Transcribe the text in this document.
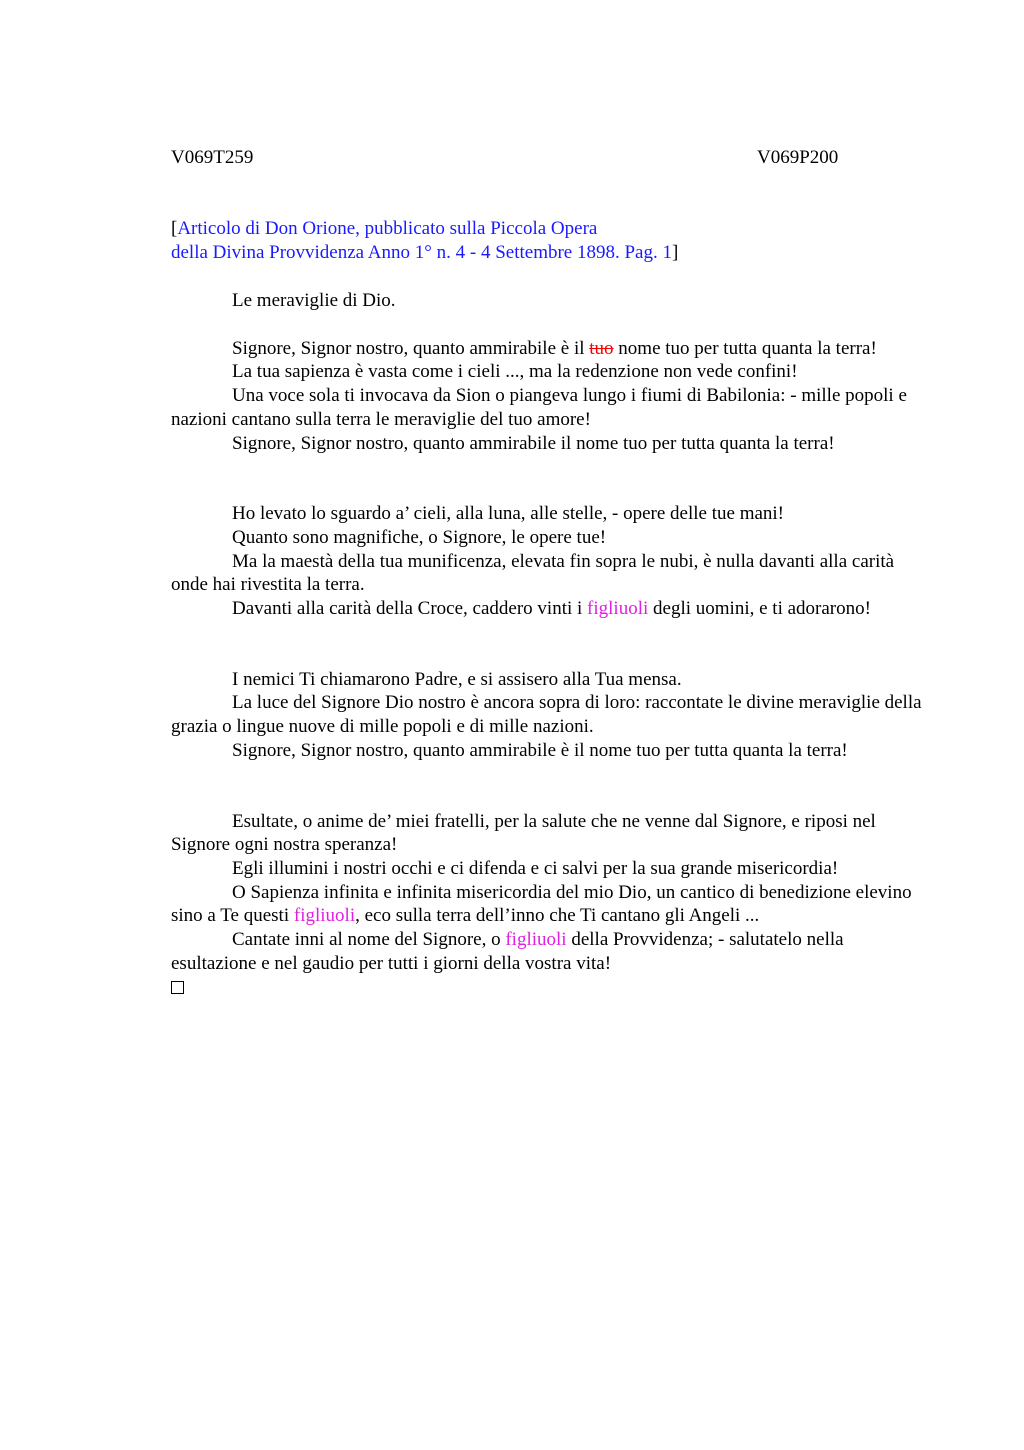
V069T259	V069P200
[Articolo di Don Orione, pubblicato sulla Piccola Opera
della Divina Provvidenza Anno 1° n. 4 - 4 Settembre 1898. Pag. 1]

Le meraviglie di Dio.

Signore, Signor nostro, quanto ammirabile è il tuo nome tuo per tutta quanta la terra!

La tua sapienza è vasta come i cieli ..., ma la redenzione non vede confini!

Una voce sola ti invocava da Sion o piangeva lungo i fiumi di Babilonia: - mille popoli e nazioni cantano sulla terra le meraviglie del tuo amore!

Signore, Signor nostro, quanto ammirabile il nome tuo per tutta quanta la terra!

Ho levato lo sguardo a’ cieli, alla luna, alle stelle, - opere delle tue mani!

Quanto sono magnifiche, o Signore, le opere tue!

Ma la maestà della tua munificenza, elevata fin sopra le nubi, è nulla davanti alla carità onde hai rivestita la terra.

Davanti alla carità della Croce, caddero vinti i figliuoli degli uomini, e ti adorarono!

I nemici Ti chiamarono Padre, e si assisero alla Tua mensa.

La luce del Signore Dio nostro è ancora sopra di loro: raccontate le divine meraviglie della grazia o lingue nuove di mille popoli e di mille nazioni.

Signore, Signor nostro, quanto ammirabile è il nome tuo per tutta quanta la terra!

Esultate, o anime de’ miei fratelli, per la salute che ne venne dal Signore, e riposi nel Signore ogni nostra speranza!

Egli illumini i nostri occhi e ci difenda e ci salvi per la sua grande misericordia!

O Sapienza infinita e infinita misericordia del mio Dio, un cantico di benedizione elevino sino a Te questi figliuoli, eco sulla terra dell’inno che Ti cantano gli Angeli ...

Cantate inni al nome del Signore, o figliuoli della Provvidenza; - salutatelo nella esultazione e nel gaudio per tutti i giorni della vostra vita!
